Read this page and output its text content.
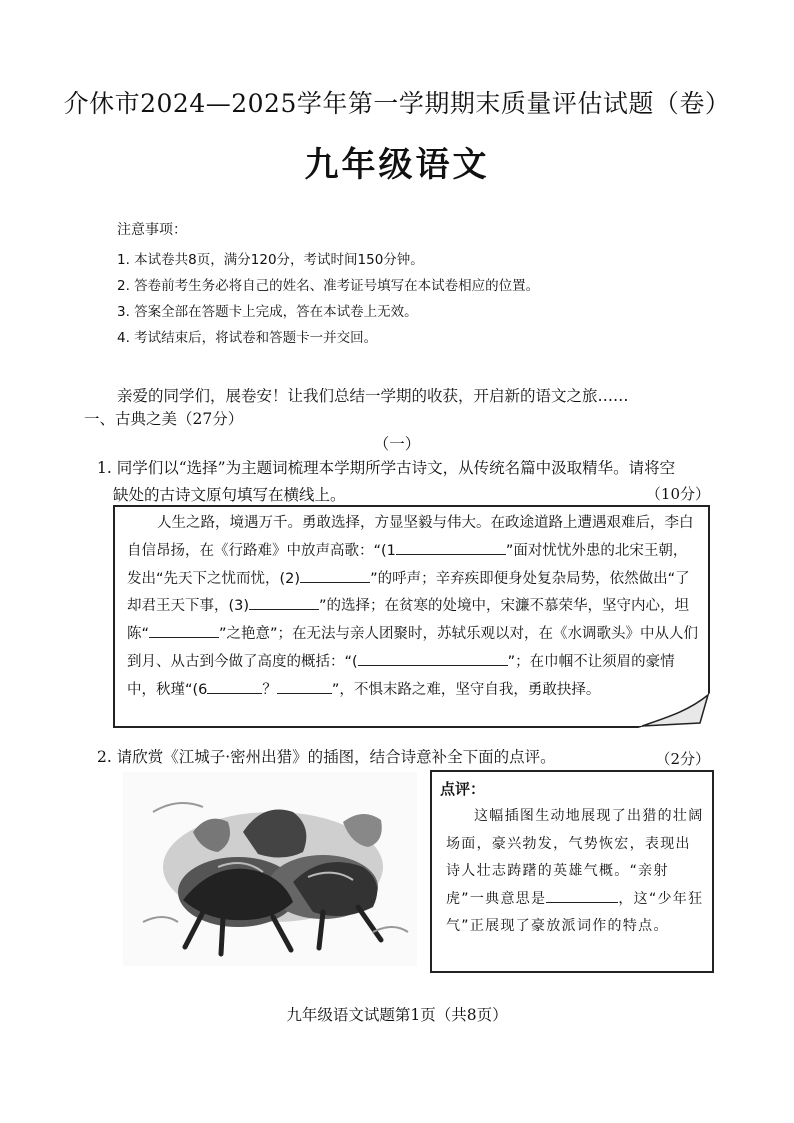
介休市2024—2025学年第一学期期末质量评估试题（卷）
九年级语文
注意事项：
1. 本试卷共8页，满分120分，考试时间150分钟。
2. 答卷前考生务必将自己的姓名、准考证号填写在本试卷相应的位置。
3. 答案全部在答题卡上完成，答在本试卷上无效。
4. 考试结束后，将试卷和答题卡一并交回。
亲爱的同学们，展卷安！让我们总结一学期的收获，开启新的语文之旅……
一、古典之美（27分）
（一）
1. 同学们以“选择”为主题词梳理本学期所学古诗文，从传统名篇中汲取精华。请将空
缺处的古诗文原句填写在横线上。	（10分）
人生之路，境遇万千。勇敢选择，方显坚毅与伟大。在政途道路上遭遇艰难后，李白自信昂扬，在《行路难》中放声高歌：“(1	”面对忧忧外患的北宋王朝，发出“先天下之忧而忧，(2)	”的呼声；辛弃疾即便身处复杂局势，依然做出“了却君王天下事，(3)	”的选择；在贫寒的处境中，宋濂不慕荣华，坚守内心，坦陈“	”之艳意”；在无法与亲人团聚时，苏轼乐观以对，在《水调歌头》中从人们到月、从古到今做了高度的概括：“(	”；在巾帼不让须眉的豪情中，秋瑾“(6	？	”，不惧末路之难，坚守自我，勇敢抉择。
2. 请欣赏《江城子·密州出猎》的插图，结合诗意补全下面的点评。	（2分）
点评：
这幅插图生动地展现了出猎的壮阔场面，豪兴勃发，气势恢宏，表现出诗人壮志踌躇的英雄气概。“亲射虎”一典意思是	，这“少年狂气”正展现了豪放派词作的特点。
九年级语文试题第1页（共8页）
